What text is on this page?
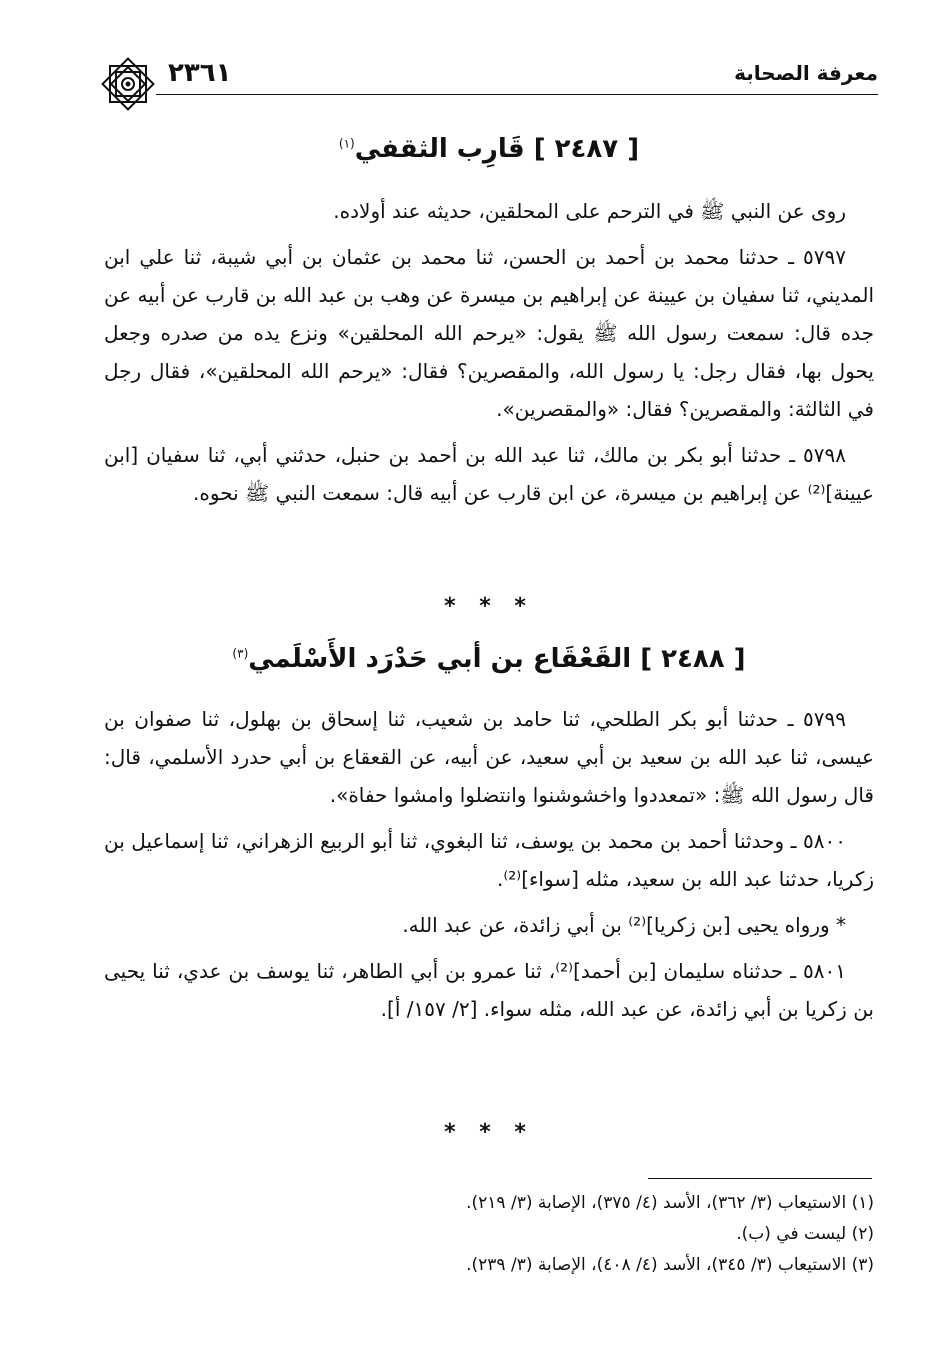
٢٣٦١	معرفة الصحابة
[ ٢٤٨٧ ] قَارِب الثقفي$^{(١)}$

روى عن النبي ﷺ في الترحم على المحلقين، حديثه عند أولاده.

٥٧٩٧ ـ حدثنا محمد بن أحمد بن الحسن، ثنا محمد بن عثمان بن أبي شيبة، ثنا علي ابن المديني، ثنا سفيان بن عيينة عن إبراهيم بن ميسرة عن وهب بن عبد الله بن قارب عن أبيه عن جده قال: سمعت رسول الله ﷺ يقول: «يرحم الله المحلقين» ونزع يده من صدره وجعل يحول بها، فقال رجل: يا رسول الله، والمقصرين؟ فقال: «يرحم الله المحلقين»، فقال رجل في الثالثة: والمقصرين؟ فقال: «والمقصرين».

٥٧٩٨ ـ حدثنا أبو بكر بن مالك، ثنا عبد الله بن أحمد بن حنبل، حدثني أبي، ثنا سفيان [ابن عيينة]⁽²⁾ عن إبراهيم بن ميسرة، عن ابن قارب عن أبيه قال: سمعت النبي ﷺ نحوه.

* * *
[ ٢٤٨٨ ] القَعْقَاع بن أبي حَدْرَد الأَسْلَمي$^{(٣)}$

٥٧٩٩ ـ حدثنا أبو بكر الطلحي، ثنا حامد بن شعيب، ثنا إسحاق بن بهلول، ثنا صفوان بن عيسى، ثنا عبد الله بن سعيد بن أبي سعيد، عن أبيه، عن القعقاع بن أبي حدرد الأسلمي، قال: قال رسول الله ﷺ: «تمعددوا واخشوشنوا وانتضلوا وامشوا حفاة».

٥٨٠٠ ـ وحدثنا أحمد بن محمد بن يوسف، ثنا البغوي، ثنا أبو الربيع الزهراني، ثنا إسماعيل بن زكريا، حدثنا عبد الله بن سعيد، مثله [سواء]⁽²⁾.

* ورواه يحيى [بن زكريا]⁽²⁾ بن أبي زائدة، عن عبد الله.

٥٨٠١ ـ حدثناه سليمان [بن أحمد]⁽²⁾، ثنا عمرو بن أبي الطاهر، ثنا يوسف بن عدي، ثنا يحيى بن زكريا بن أبي زائدة، عن عبد الله، مثله سواء. [٢/ ١٥٧/ أ].

* * *

(١) الاستيعاب (٣/ ٣٦٢)، الأسد (٤/ ٣٧٥)، الإصابة (٣/ ٢١٩).

(٢) ليست في (ب).

(٣) الاستيعاب (٣/ ٣٤٥)، الأسد (٤/ ٤٠٨)، الإصابة (٣/ ٢٣٩).
